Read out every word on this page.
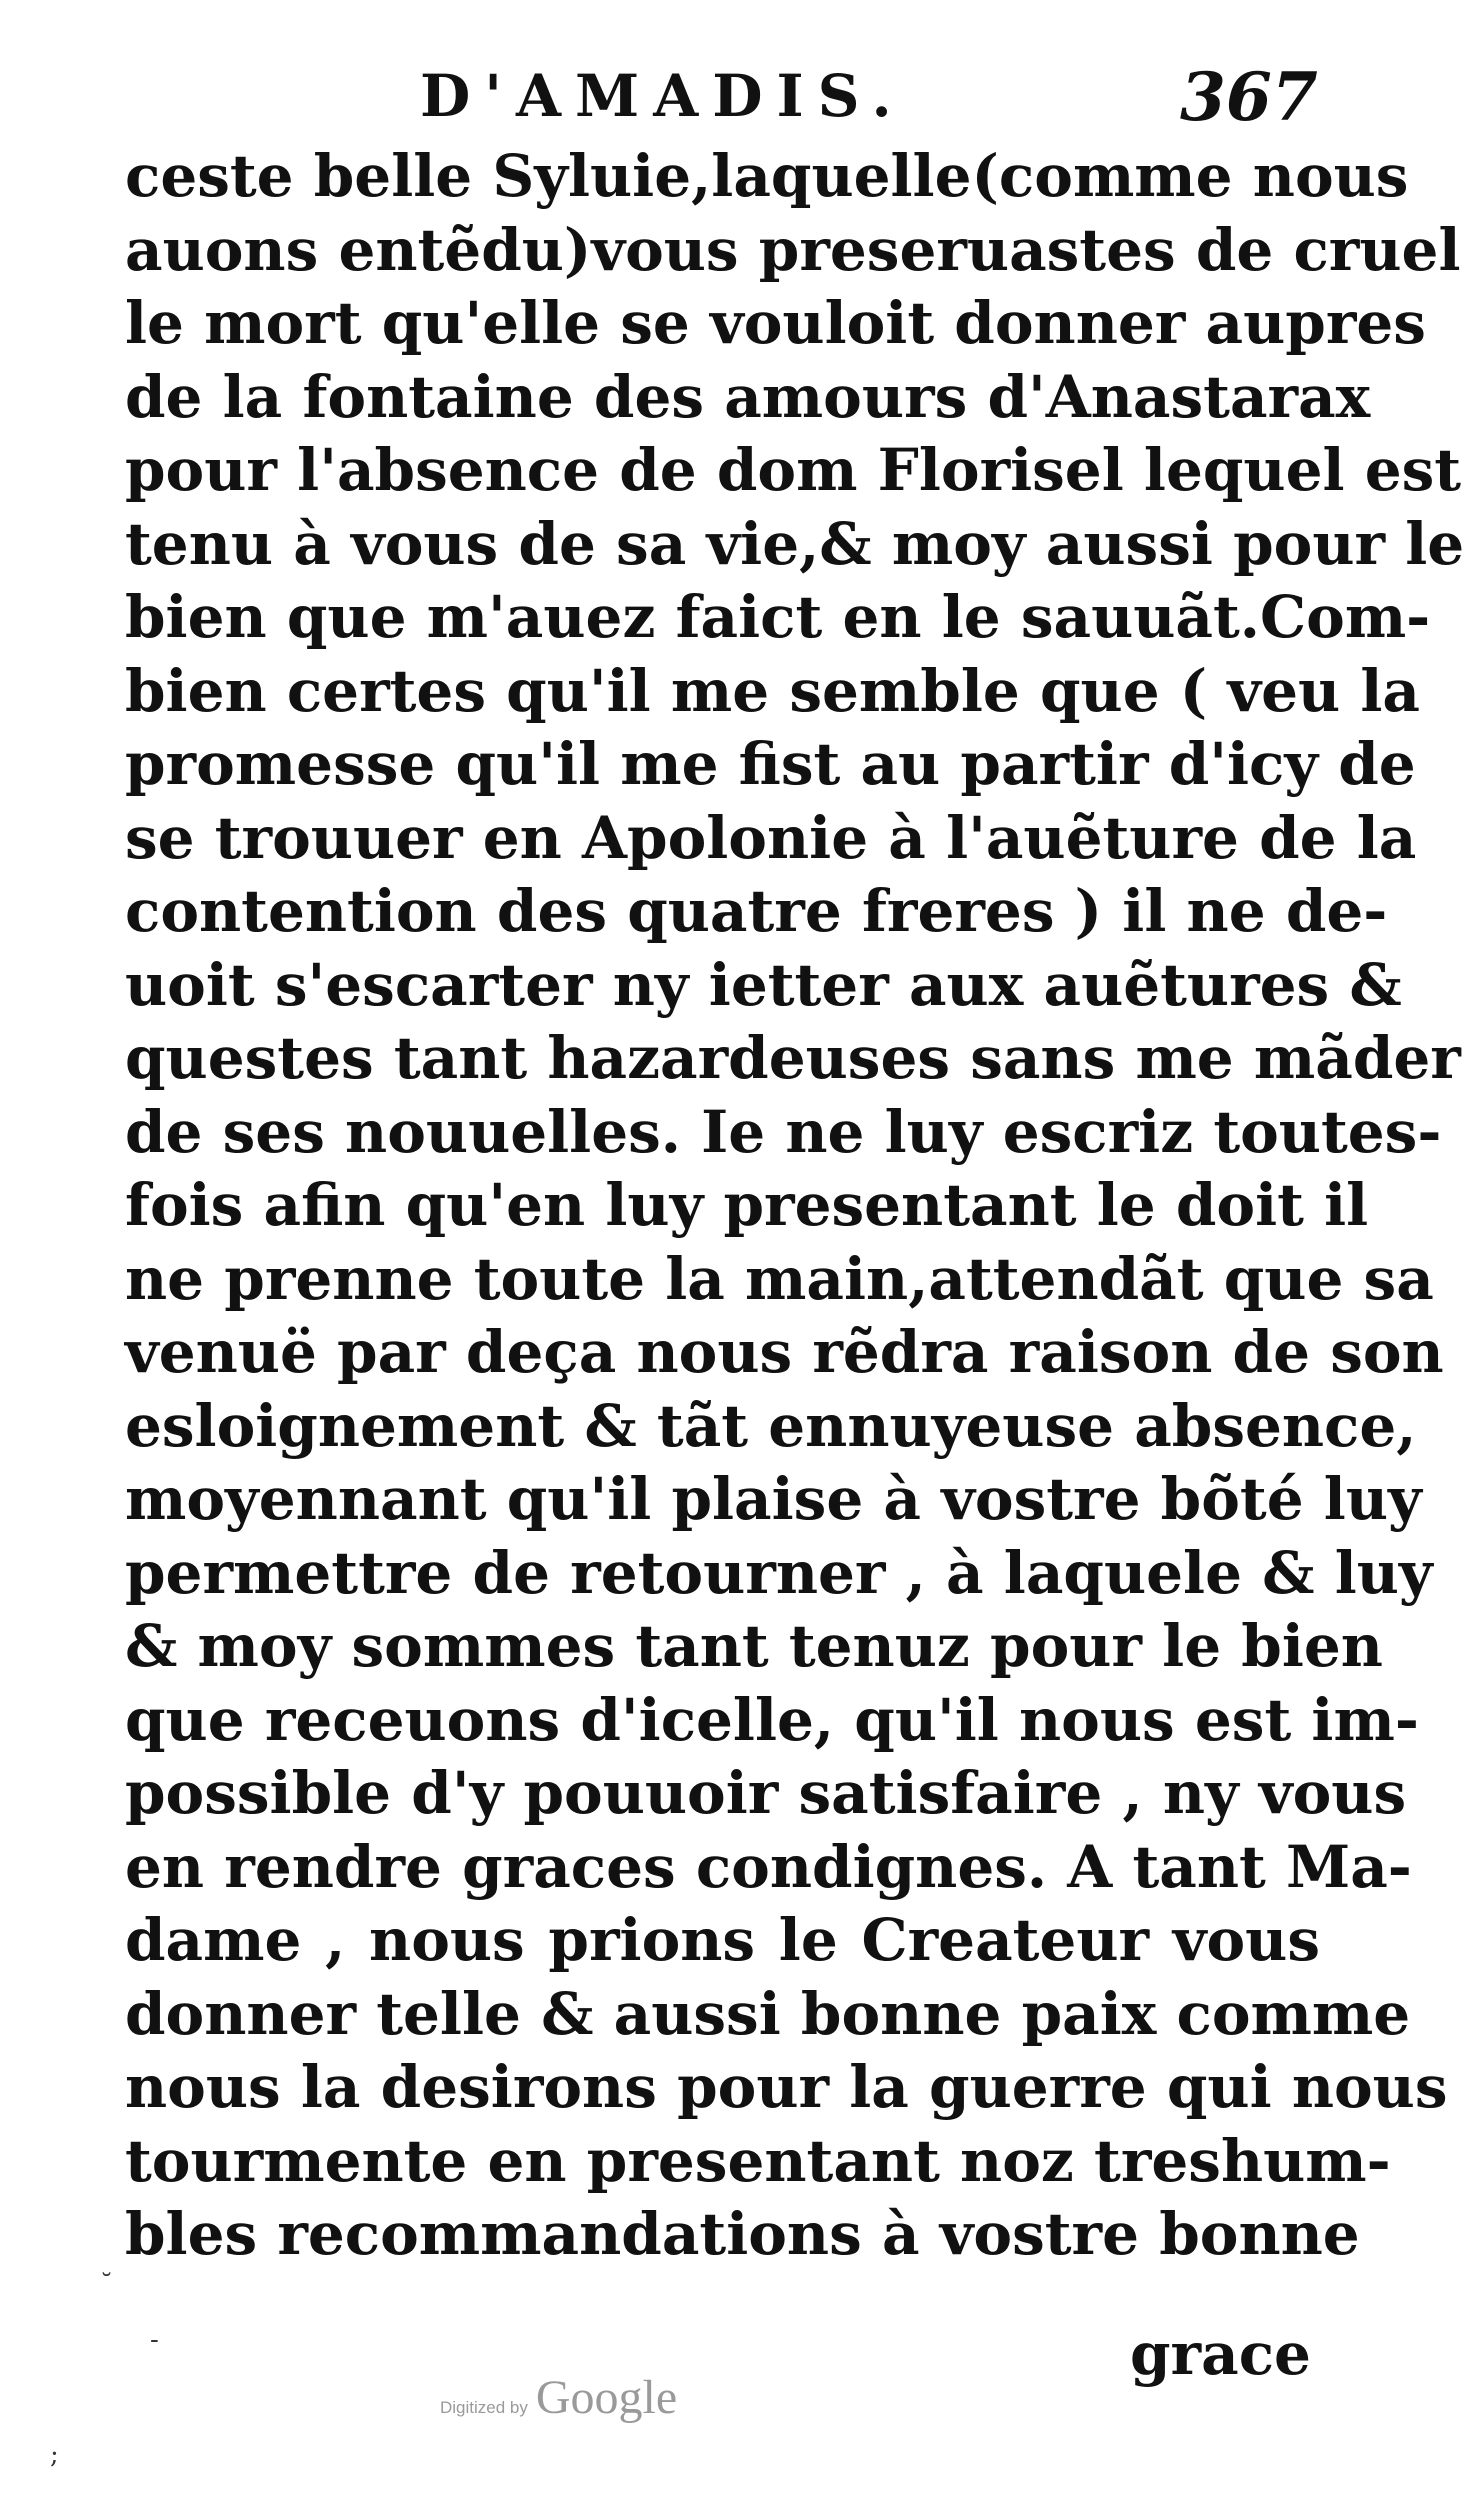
D'AMADIS.	367
ceste belle Syluie,laquelle(comme nous
auons entẽdu)vous preseruastes de cruel
le mort qu'elle se vouloit donner aupres
de la fontaine des amours d'Anastarax
pour l'absence de dom Florisel lequel est
tenu à vous de sa vie,& moy aussi pour le
bien que m'auez faict en le sauuãt.Com-
bien certes qu'il me semble que ( veu la
promesse qu'il me fist au partir d'icy de
se trouuer en Apolonie à l'auẽture de la
contention des quatre freres ) il ne de-
uoit s'escarter ny ietter aux auẽtures &
questes tant hazardeuses sans me mãder
de ses nouuelles. Ie ne luy escriz toutes-
fois afin qu'en luy presentant le doit il
ne prenne toute la main,attendãt que sa
venuë par deça nous rẽdra raison de son
esloignement & tãt ennuyeuse absence,
moyennant qu'il plaise à vostre bõté luy
permettre de retourner , à laquele & luy
& moy sommes tant tenuz pour le bien
que receuons d'icelle, qu'il nous est im-
possible d'y pouuoir satisfaire , ny vous
en rendre graces condignes. A tant Ma-
dame , nous prions le Createur vous
donner telle & aussi bonne paix comme
nous la desirons pour la guerre qui nous
tourmente en presentant noz treshum-
bles recommandations à vostre bonne
grace
˘
-
;
Digitized by Google
